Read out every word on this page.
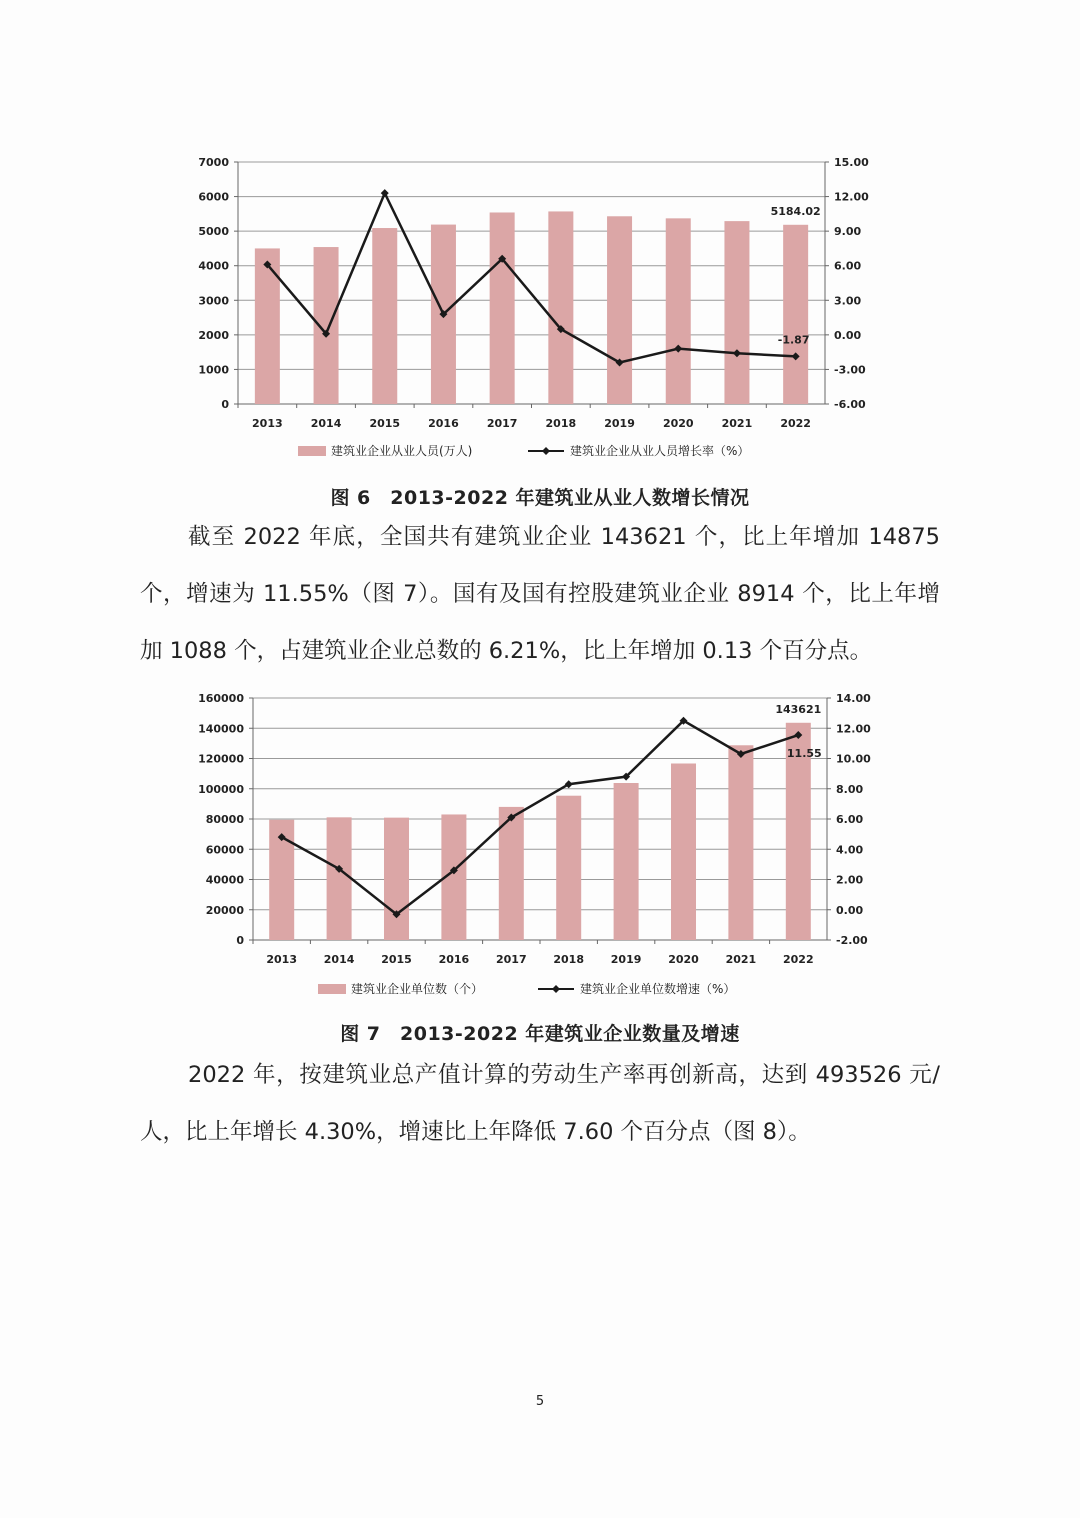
0
1000
2000
3000
4000
5000
6000
7000
-6.00
-3.00
0.00
3.00
6.00
9.00
12.00
15.00
2013	2014	2015	2016	2017	2018	2019	2020	2021	2022
5184.02
-1.87
建筑业企业从业人员(万人)	建筑业企业从业人员增长率（%）
图 6　2013-2022 年建筑业从业人数增长情况

截至 2022 年底，全国共有建筑业企业 143621 个，比上年增加 14875 个，增速为 11.55%（图 7）。国有及国有控股建筑业企业 8914 个，比上年增加 1088 个，占建筑业企业总数的 6.21%，比上年增加 0.13 个百分点。

0
20000
40000
60000
80000
100000
120000
140000
160000
-2.00
0.00
2.00
4.00
6.00
8.00
10.00
12.00
14.00
2013 2014 2015 2016 2017 2018 2019 2020 2021 2022
143621
11.55
建筑业企业单位数（个）	建筑业企业单位数增速（%）
图 7　2013-2022 年建筑业企业数量及增速

2022 年，按建筑业总产值计算的劳动生产率再创新高，达到 493526 元/人，比上年增长 4.30%，增速比上年降低 7.60 个百分点（图 8）。

5
